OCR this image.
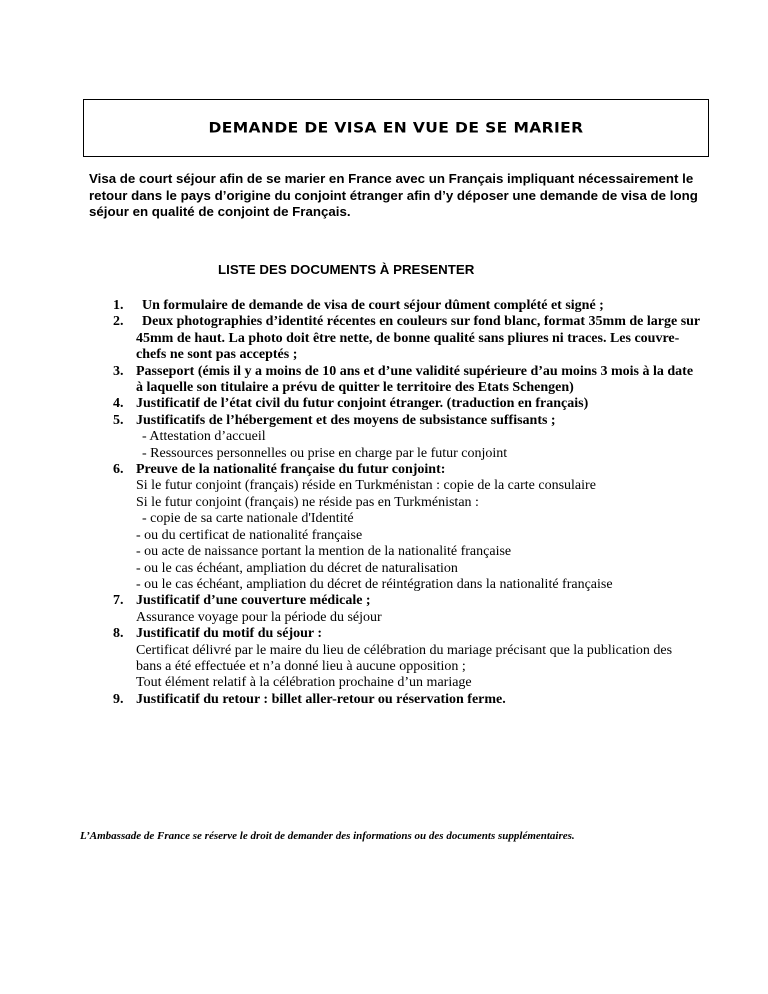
DEMANDE DE VISA EN VUE DE SE MARIER

Visa de court séjour afin de se marier en France avec un Français impliquant nécessairement le retour dans le pays d’origine du conjoint étranger afin d’y déposer une demande de visa de long séjour en qualité de conjoint de Français.

LISTE DES DOCUMENTS À PRESENTER

1.	Un formulaire de demande de visa de court séjour dûment complété et signé ;
2.	Deux photographies d’identité récentes en couleurs sur fond blanc, format 35mm de large sur 45mm de haut. La photo doit être nette, de bonne qualité sans pliures ni traces. Les couvre-chefs ne sont pas acceptés ;
3. Passeport (émis il y a moins de 10 ans et d’une validité supérieure d’au moins 3 mois à la date à laquelle son titulaire a prévu de quitter le territoire des Etats Schengen)
4. Justificatif de l’état civil du futur conjoint étranger. (traduction en français)
5. Justificatifs de l’hébergement et des moyens de subsistance suffisants ;
- Attestation d’accueil
- Ressources personnelles ou prise en charge par le futur conjoint
6. Preuve de la nationalité française du futur conjoint:
Si le futur conjoint (français) réside en Turkménistan : copie de la carte consulaire
Si le futur conjoint (français) ne réside pas en Turkménistan :
- copie de sa carte nationale d'Identité
- ou du certificat de nationalité française
- ou acte de naissance portant la mention de la nationalité française
- ou le cas échéant, ampliation du décret de naturalisation
- ou le cas échéant, ampliation du décret de réintégration dans la nationalité française
7. Justificatif d’une couverture médicale ;
Assurance voyage pour la période du séjour
8. Justificatif du motif du séjour :
Certificat délivré par le maire du lieu de célébration du mariage précisant que la publication des bans a été effectuée et n’a donné lieu à aucune opposition ;
Tout élément relatif à la célébration prochaine d’un mariage
9. Justificatif du retour : billet aller-retour ou réservation ferme.

L’Ambassade de France se réserve le droit de demander des informations ou des documents supplémentaires.
